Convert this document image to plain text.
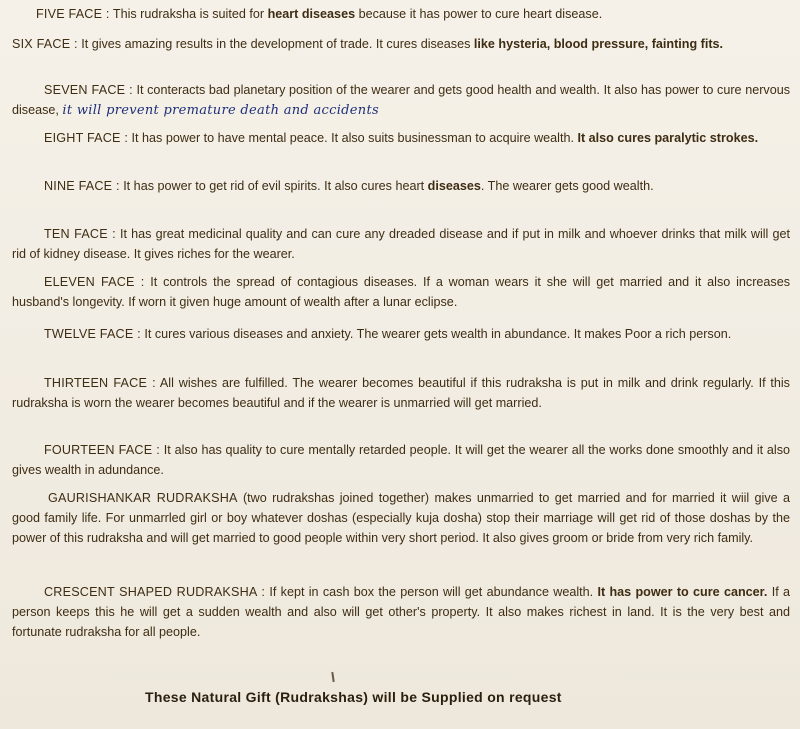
FIVE FACE : This rudraksha is suited for heart diseases because it has power to cure heart disease.
SIX FACE : It gives amazing results in the development of trade. It cures diseases like hysteria, blood pressure, fainting fits.
SEVEN FACE : It conteracts bad planetary position of the wearer and gets good health and wealth. It also has power to cure nervous disease, it will prevent premature death and accidents
EIGHT FACE : It has power to have mental peace. It also suits businessman to acquire wealth. It also cures paralytic strokes.
NINE FACE : It has power to get rid of evil spirits. It also cures heart diseases. The wearer gets good wealth.
TEN FACE : It has great medicinal quality and can cure any dreaded disease and if put in milk and whoever drinks that milk will get rid of kidney disease. It gives riches for the wearer.
ELEVEN FACE : It controls the spread of contagious diseases. If a woman wears it she will get married and it also increases husband's longevity. If worn it given huge amount of wealth after a lunar eclipse.
TWELVE FACE : It cures various diseases and anxiety. The wearer gets wealth in abundance. It makes Poor a rich person.
THIRTEEN FACE : All wishes are fulfilled. The wearer becomes beautiful if this rudraksha is put in milk and drink regularly. If this rudraksha is worn the wearer becomes beautiful and if the wearer is unmarried will get married.
FOURTEEN FACE : It also has quality to cure mentally retarded people. It will get the wearer all the works done smoothly and it also gives wealth in adundance.
GAURISHANKAR RUDRAKSHA (two rudrakshas joined together) makes unmarried to get married and for married it wiil give a good family life. For unmarrled girl or boy whatever doshas (especially kuja dosha) stop their marriage will get rid of those doshas by the power of this rudraksha and will get married to good people within very short period. It also gives groom or bride from very rich family.
CRESCENT SHAPED RUDRAKSHA : If kept in cash box the person will get abundance wealth. It has power to cure cancer. If a person keeps this he will get a sudden wealth and also will get other's property. It also makes richest in land. It is the very best and fortunate rudraksha for all people.
These Natural Gift (Rudrakshas) will be Supplied on request
